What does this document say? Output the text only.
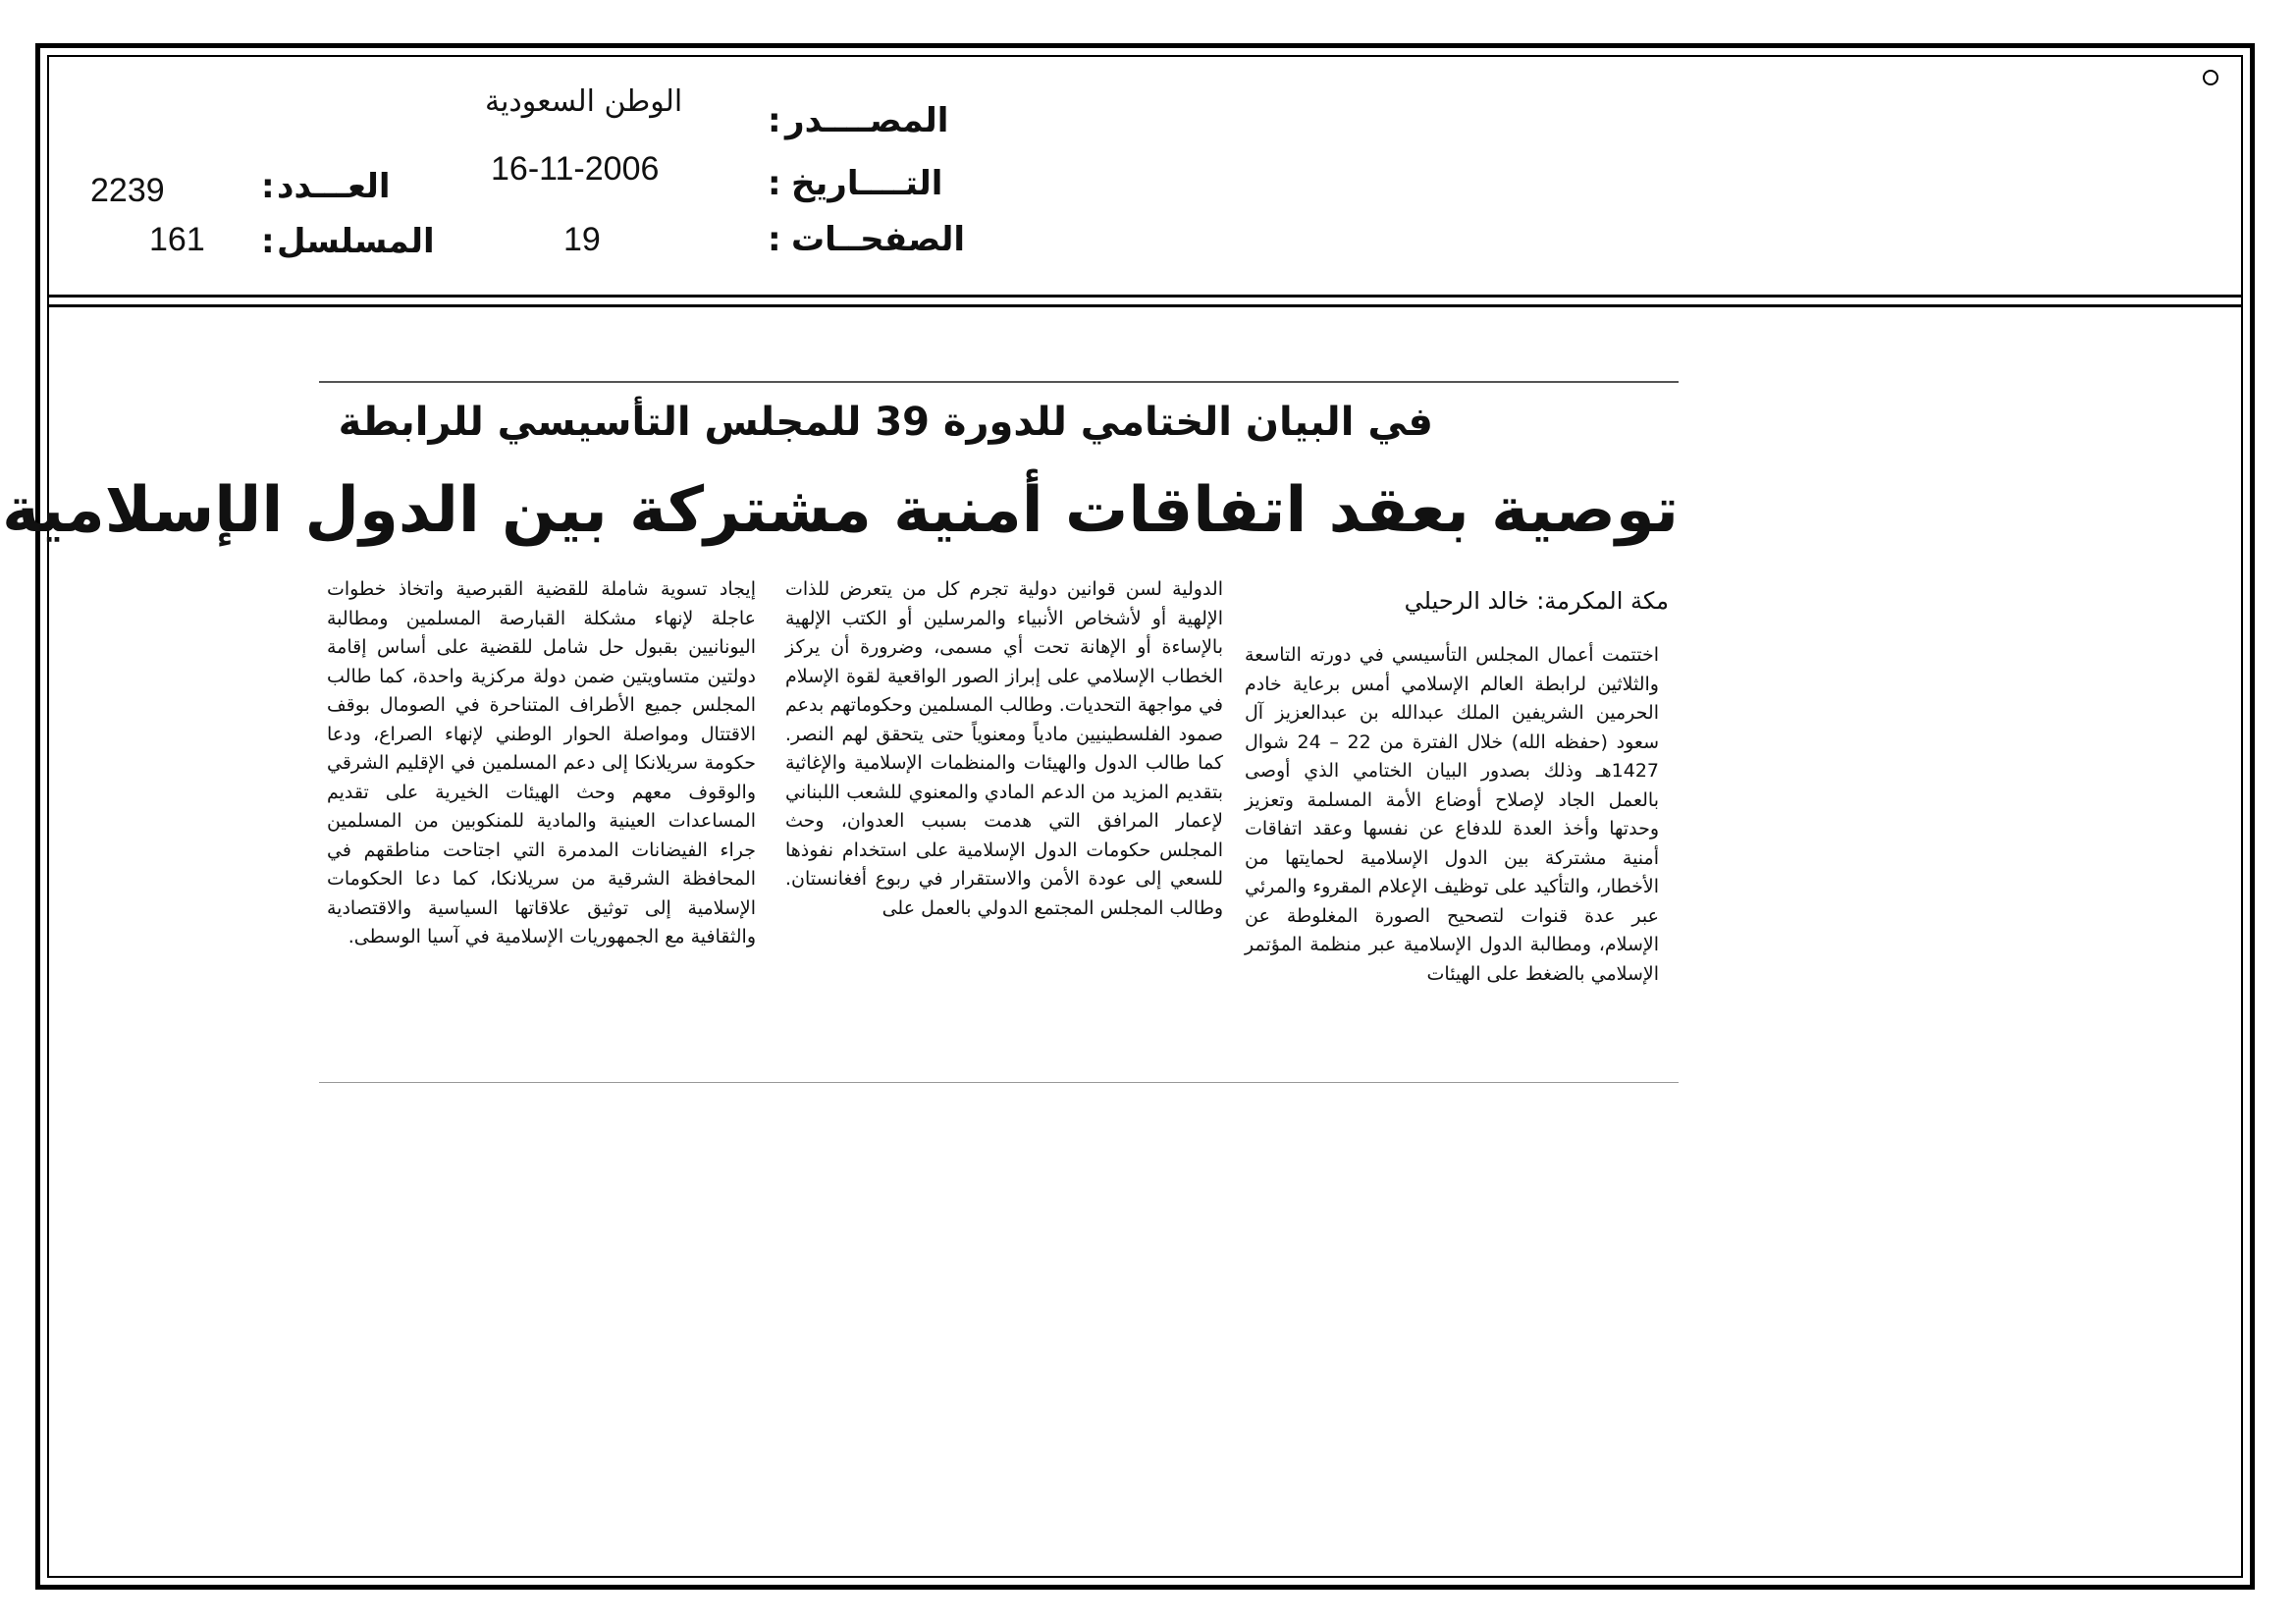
المصــــدر
:
الوطن السعودية
التــــاريخ
:
16-11-2006
الصفحــات
:
19
العـــدد
:
2239
المسلسل
:
161
في البيان الختامي للدورة 39 للمجلس التأسيسي للرابطة
توصية بعقد اتفاقات أمنية مشتركة بين الدول الإسلامية
مكة المكرمة: خالد الرحيلي

اختتمت أعمال المجلس التأسيسي في دورته التاسعة والثلاثين لرابطة العالم الإسلامي أمس برعاية خادم الحرمين الشريفين الملك عبدالله بن عبدالعزيز آل سعود (حفظه الله) خلال الفترة من 22 – 24 شوال 1427هـ وذلك بصدور البيان الختامي الذي أوصى بالعمل الجاد لإصلاح أوضاع الأمة المسلمة وتعزيز وحدتها وأخذ العدة للدفاع عن نفسها وعقد اتفاقات أمنية مشتركة بين الدول الإسلامية لحمايتها من الأخطار، والتأكيد على توظيف الإعلام المقروء والمرئي عبر عدة قنوات لتصحيح الصورة المغلوطة عن الإسلام، ومطالبة الدول الإسلامية عبر منظمة المؤتمر الإسلامي بالضغط على الهيئات

الدولية لسن قوانين دولية تجرم كل من يتعرض للذات الإلهية أو لأشخاص الأنبياء والمرسلين أو الكتب الإلهية بالإساءة أو الإهانة تحت أي مسمى، وضرورة أن يركز الخطاب الإسلامي على إبراز الصور الواقعية لقوة الإسلام في مواجهة التحديات. وطالب المسلمين وحكوماتهم بدعم صمود الفلسطينيين مادياً ومعنوياً حتى يتحقق لهم النصر. كما طالب الدول والهيئات والمنظمات الإسلامية والإغاثية بتقديم المزيد من الدعم المادي والمعنوي للشعب اللبناني لإعمار المرافق التي هدمت بسبب العدوان، وحث المجلس حكومات الدول الإسلامية على استخدام نفوذها للسعي إلى عودة الأمن والاستقرار في ربوع أفغانستان. وطالب المجلس المجتمع الدولي بالعمل على

إيجاد تسوية شاملة للقضية القبرصية واتخاذ خطوات عاجلة لإنهاء مشكلة القبارصة المسلمين ومطالبة اليونانيين بقبول حل شامل للقضية على أساس إقامة دولتين متساويتين ضمن دولة مركزية واحدة، كما طالب المجلس جميع الأطراف المتناحرة في الصومال بوقف الاقتتال ومواصلة الحوار الوطني لإنهاء الصراع، ودعا حكومة سريلانكا إلى دعم المسلمين في الإقليم الشرقي والوقوف معهم وحث الهيئات الخيرية على تقديم المساعدات العينية والمادية للمنكوبين من المسلمين جراء الفيضانات المدمرة التي اجتاحت مناطقهم في المحافظة الشرقية من سريلانكا، كما دعا الحكومات الإسلامية إلى توثيق علاقاتها السياسية والاقتصادية والثقافية مع الجمهوريات الإسلامية في آسيا الوسطى.
